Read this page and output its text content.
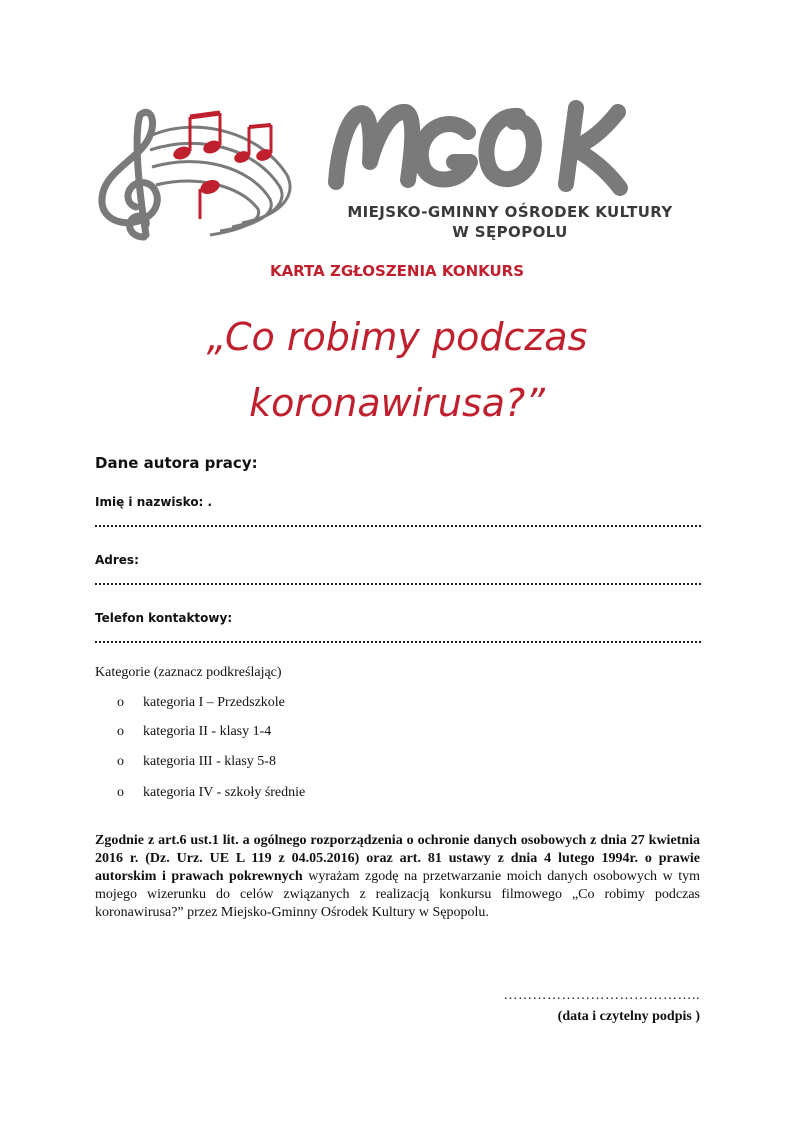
MIEJSKO-GMINNY OŚRODEK KULTURY
W SĘPOPOLU
KARTA ZGŁOSZENIA KONKURS
„Co robimy podczas
koronawirusa?”
Dane autora pracy:
Imię i nazwisko: .
Adres:
Telefon kontaktowy:
Kategorie (zaznacz podkreślając)
o kategoria I – Przedszkole
o kategoria II - klasy 1-4
o kategoria III - klasy 5-8
o kategoria IV - szkoły średnie
Zgodnie z art.6 ust.1 lit. a ogólnego rozporządzenia o ochronie danych osobowych z dnia 27 kwietnia 2016 r. (Dz. Urz. UE L 119 z 04.05.2016) oraz art. 81 ustawy z dnia 4 lutego 1994r. o prawie autorskim i prawach pokrewnych wyrażam zgodę na przetwarzanie moich danych osobowych w tym mojego wizerunku do celów związanych z realizacją konkursu filmowego „Co robimy podczas koronawirusa?” przez Miejsko-Gminny Ośrodek Kultury w Sępopolu.
…………………………………..
(data i czytelny podpis )
